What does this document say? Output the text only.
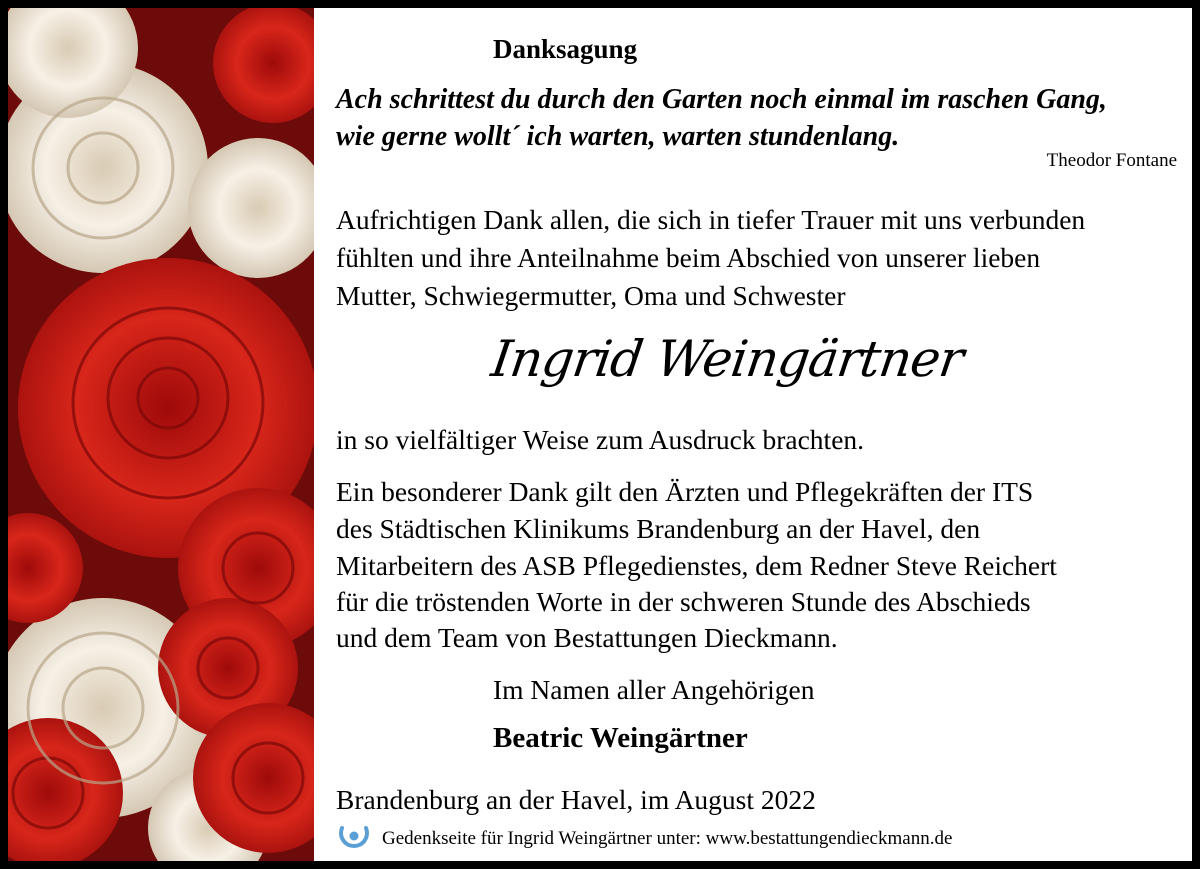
Danksagung
Ach schrittest du durch den Garten noch einmal im raschen Gang,
wie gerne wollt´ ich warten, warten stundenlang.
Theodor Fontane
Aufrichtigen Dank allen, die sich in tiefer Trauer mit uns verbunden
fühlten und ihre Anteilnahme beim Abschied von unserer lieben
Mutter, Schwiegermutter, Oma und Schwester
Ingrid Weingärtner
in so vielfältiger Weise zum Ausdruck brachten.
Ein besonderer Dank gilt den Ärzten und Pflegekräften der ITS
des Städtischen Klinikums Brandenburg an der Havel, den
Mitarbeitern des ASB Pflegedienstes, dem Redner Steve Reichert
für die tröstenden Worte in der schweren Stunde des Abschieds
und dem Team von Bestattungen Dieckmann.
Im Namen aller Angehörigen
Beatric Weingärtner
Brandenburg an der Havel, im August 2022
Gedenkseite für Ingrid Weingärtner unter: www.bestattungendieckmann.de
